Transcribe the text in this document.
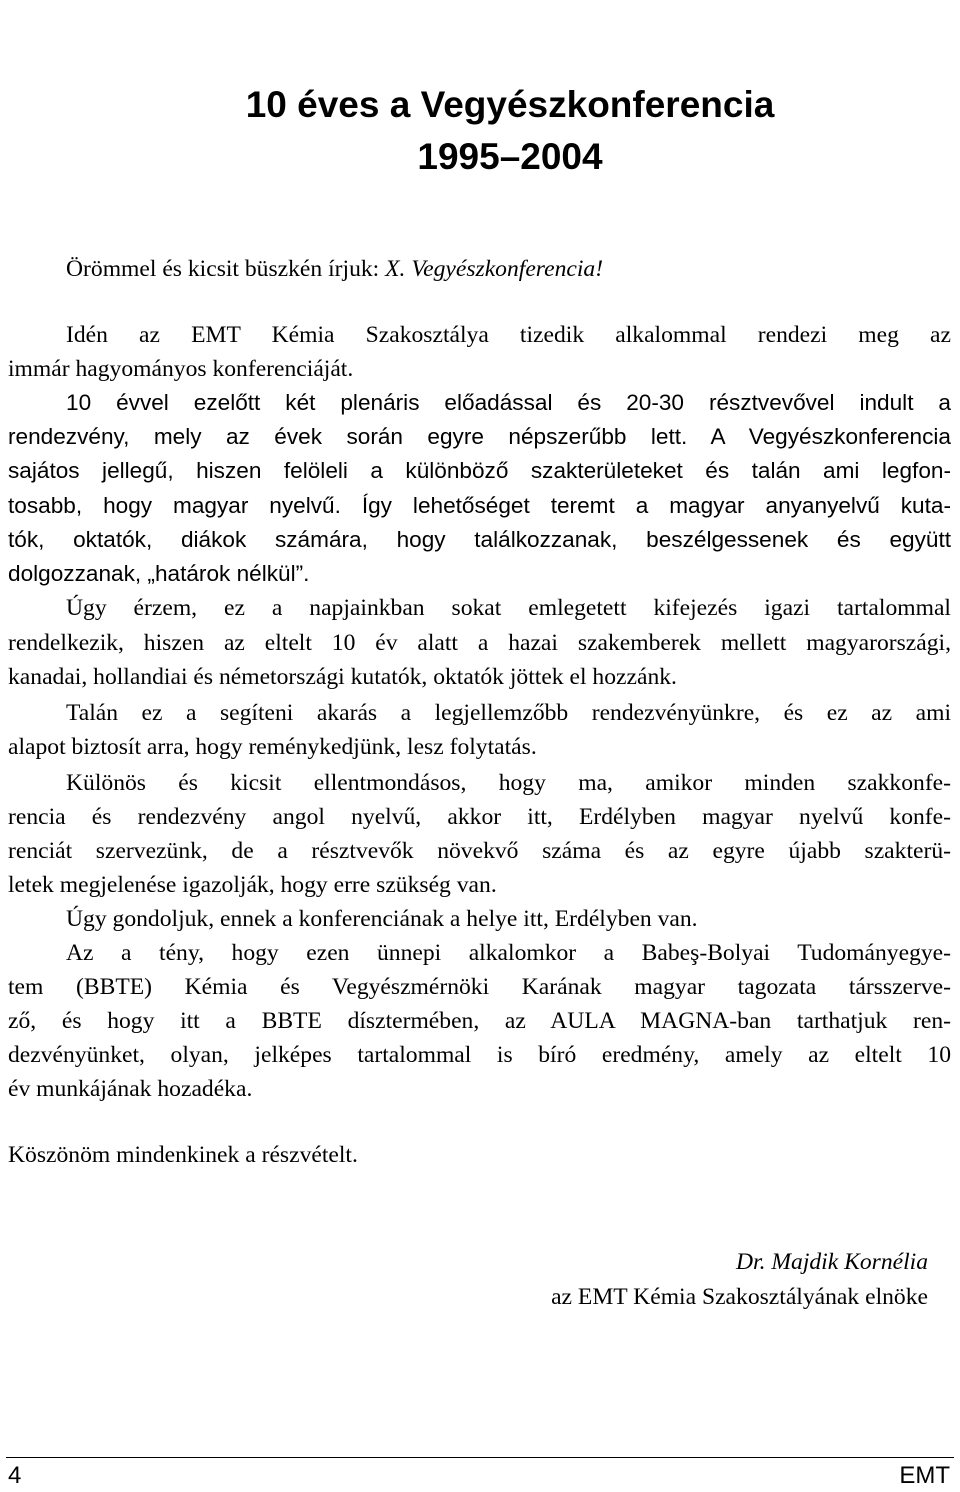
10 éves a Vegyészkonferencia
1995–2004
Örömmel és kicsit büszkén írjuk: X. Vegyészkonferencia!
Idén az EMT Kémia Szakosztálya tizedik alkalommal rendezi meg az
immár hagyományos konferenciáját.
10 évvel ezelőtt két plenáris előadással és 20-30 résztvevővel indult a
rendezvény, mely az évek során egyre népszerűbb lett. A Vegyészkonferencia
sajátos jellegű, hiszen felöleli a különböző szakterületeket és talán ami legfon-
tosabb, hogy magyar nyelvű. Így lehetőséget teremt a magyar anyanyelvű kuta-
tók, oktatók, diákok számára, hogy találkozzanak, beszélgessenek és együtt
dolgozzanak, „határok nélkül”.
Úgy érzem, ez a napjainkban sokat emlegetett kifejezés igazi tartalommal
rendelkezik, hiszen az eltelt 10 év alatt a hazai szakemberek mellett magyarországi,
kanadai, hollandiai és németországi kutatók, oktatók jöttek el hozzánk.
Talán ez a segíteni akarás a legjellemzőbb rendezvényünkre, és ez az ami
alapot biztosít arra, hogy reménykedjünk, lesz folytatás.
Különös és kicsit ellentmondásos, hogy ma, amikor minden szakkonfe-
rencia és rendezvény angol nyelvű, akkor itt, Erdélyben magyar nyelvű konfe-
renciát szervezünk, de a résztvevők növekvő száma és az egyre újabb szakterü-
letek megjelenése igazolják, hogy erre szükség van.
Úgy gondoljuk, ennek a konferenciának a helye itt, Erdélyben van.
Az a tény, hogy ezen ünnepi alkalomkor a Babeş-Bolyai Tudományegye-
tem (BBTE) Kémia és Vegyészmérnöki Karának magyar tagozata társszerve-
ző, és hogy itt a BBTE dísztermében, az AULA MAGNA-ban tarthatjuk ren-
dezvényünket, olyan, jelképes tartalommal is bíró eredmény, amely az eltelt 10
év munkájának hozadéka.
Köszönöm mindenkinek a részvételt.
Dr. Majdik Kornélia
az EMT Kémia Szakosztályának elnöke
4	EMT
